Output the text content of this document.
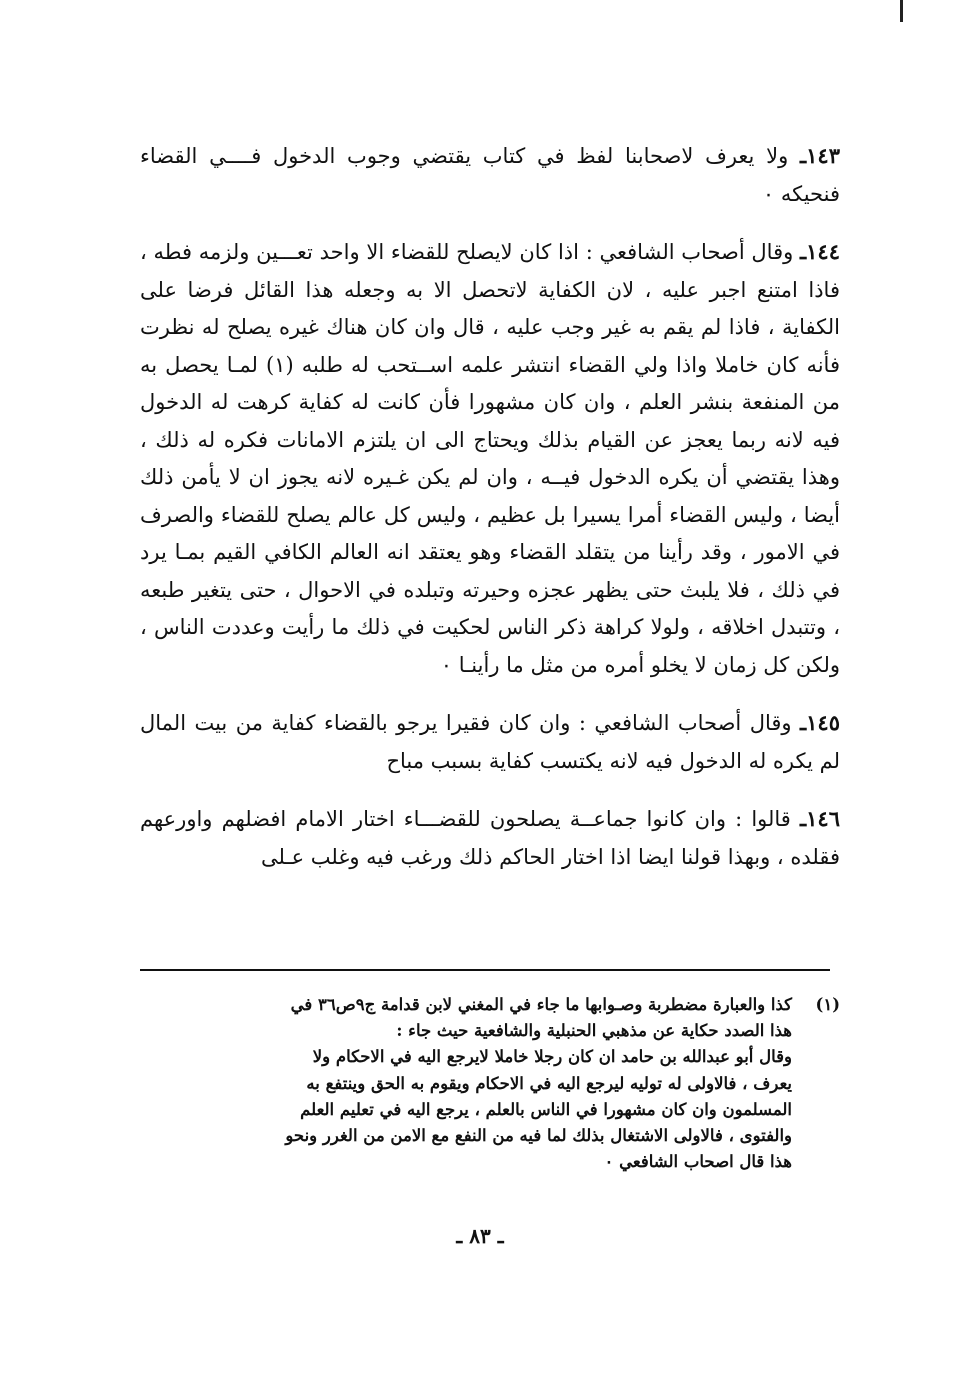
١٤٣ـ ولا يعرف لاصحابنا لفظ في كتاب يقتضي وجوب الدخول فــــي القضاء فنحيكه ٠

١٤٤ـ وقال أصحاب الشافعي : اذا كان لايصلح للقضاء الا واحد تعـــين ولزمه فطه ، فاذا امتنع اجبر عليه ، لان الكفاية لاتحصل الا به وجعله هذا القائل فرضا على الكفاية ، فاذا لم يقم به غير وجب عليه ، قال وان كان هناك غيره يصلح له نظرت فأنه كان خاملا واذا ولي القضاء انتشر علمه اســتحب له طلبه (١) لمـا يحصل به من المنفعة بنشر العلم ، وان كان مشهورا فأن كانت له كفاية كرهت له الدخول فيه لانه ربما يعجز عن القيام بذلك ويحتاج الى ان يلتزم الامانات فكره له ذلك ، وهذا يقتضي أن يكره الدخول فيــه ، وان لم يكن غـيره لانه يجوز ان لا يأمن ذلك أيضا ، وليس القضاء أمرا يسيرا بل عظيم ، وليس كل عالم يصلح للقضاء والصرف في الامور ، وقد رأينا من يتقلد القضاء وهو يعتقد انه العالم الكافي القيم بمـا يرد في ذلك ، فلا يلبث حتى يظهر عجزه وحيرته وتبلده في الاحوال ، حتى يتغير طبعه ، وتتبدل اخلاقه ، ولولا كراهة ذكر الناس لحكيت في ذلك ما رأيت وعددت الناس ، ولكن كل زمان لا يخلو أمره من مثل ما رأينـا ٠

١٤٥ـ وقال أصحاب الشافعي : وان كان فقيرا يرجو بالقضاء كفاية من بيت المال لم يكره له الدخول فيه لانه يكتسب كفاية بسبب مباح

١٤٦ـ قالوا : وان كانوا جماعــة يصلحون للقضـــاء اختار الامام افضلهم واورعهم فقلده ، وبهذا قولنا ايضا اذا اختار الحاكم ذلك ورغب فيه وغلب عـلى

(١)
كذا والعبارة مضطربة وصـوابها ما جاء في المغني لابن قدامة ج٩ص٣٦ في
هذا الصدد حكاية عن مذهبي الحنبلية والشافعية حيث جاء :
وقال أبو عبدالله بن حامد ان كان رجلا خاملا لايرجع اليه في الاحكام ولا
يعرف ، فالاولى له توليه ليرجع اليه في الاحكام ويقوم به الحق وينتفع به
المسلمون وان كان مشهورا في الناس بالعلم ، يرجع اليه في تعليم العلم
والفتوى ، فالاولى الاشتغال بذلك لما فيه من النفع مع الامن من الغرر ونحو
هذا قال اصحاب الشافعي ٠
ـ ٨٣ ـ
